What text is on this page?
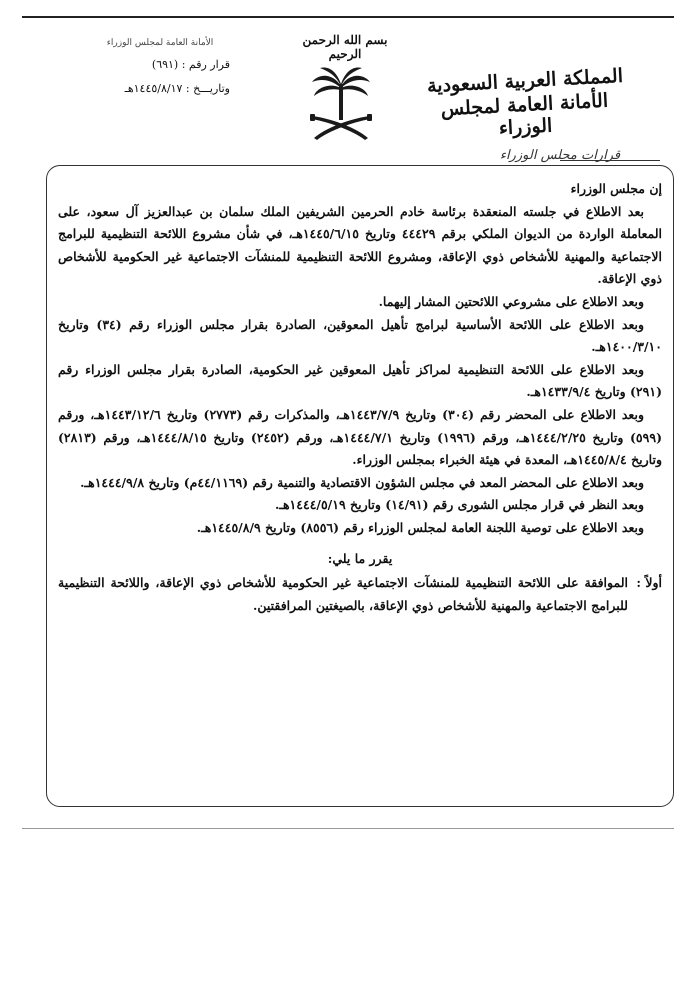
المملكة العربية السعودية
الأمانة العامة لمجلس الوزراء
بسم الله الرحمن الرحيم
الأمانة العامة لمجلس الوزراء
قرار رقم : (٦٩١)
وتاريـــخ : ١٤٤٥/٨/١٧هـ
قرارات مجلس الوزراء

إن مجلس الوزراء

بعد الاطلاع في جلسته المنعقدة برئاسة خادم الحرمين الشريفين الملك سلمان بن عبدالعزيز آل سعود، على المعاملة الواردة من الديوان الملكي برقم ٤٤٤٢٩ وتاريخ ١٤٤٥/٦/١٥هـ، في شأن مشروع اللائحة التنظيمية للبرامج الاجتماعية والمهنية للأشخاص ذوي الإعاقة، ومشروع اللائحة التنظيمية للمنشآت الاجتماعية غير الحكومية للأشخاص ذوي الإعاقة.

وبعد الاطلاع على مشروعي اللائحتين المشار إليهما.

وبعد الاطلاع على اللائحة الأساسية لبرامج تأهيل المعوقين، الصادرة بقرار مجلس الوزراء رقم (٣٤) وتاريخ ١٤٠٠/٣/١٠هـ.

وبعد الاطلاع على اللائحة التنظيمية لمراكز تأهيل المعوقين غير الحكومية، الصادرة بقرار مجلس الوزراء رقم (٢٩١) وتاريخ ١٤٣٣/٩/٤هـ.

وبعد الاطلاع على المحضر رقم (٣٠٤) وتاريخ ١٤٤٣/٧/٩هـ، والمذكرات رقم (٢٧٧٣) وتاريخ ١٤٤٣/١٢/٦هـ، ورقم (٥٩٩) وتاريخ ١٤٤٤/٢/٢٥هـ، ورقم (١٩٩٦) وتاريخ ١٤٤٤/٧/١هـ، ورقم (٢٤٥٢) وتاريخ ١٤٤٤/٨/١٥هـ، ورقم (٢٨١٣) وتاريخ ١٤٤٥/٨/٤هـ، المعدة في هيئة الخبراء بمجلس الوزراء.

وبعد الاطلاع على المحضر المعد في مجلس الشؤون الاقتصادية والتنمية رقم (٤٤/١١٦٩م) وتاريخ ١٤٤٤/٩/٨هـ.

وبعد النظر في قرار مجلس الشورى رقم (١٤/٩١) وتاريخ ١٤٤٤/٥/١٩هـ.

وبعد الاطلاع على توصية اللجنة العامة لمجلس الوزراء رقم (٨٥٥٦) وتاريخ ١٤٤٥/٨/٩هـ.

يقرر ما يلي:

أولاً :
الموافقة على اللائحة التنظيمية للمنشآت الاجتماعية غير الحكومية للأشخاص ذوي الإعاقة، واللائحة التنظيمية للبرامج الاجتماعية والمهنية للأشخاص ذوي الإعاقة، بالصيغتين المرافقتين.
